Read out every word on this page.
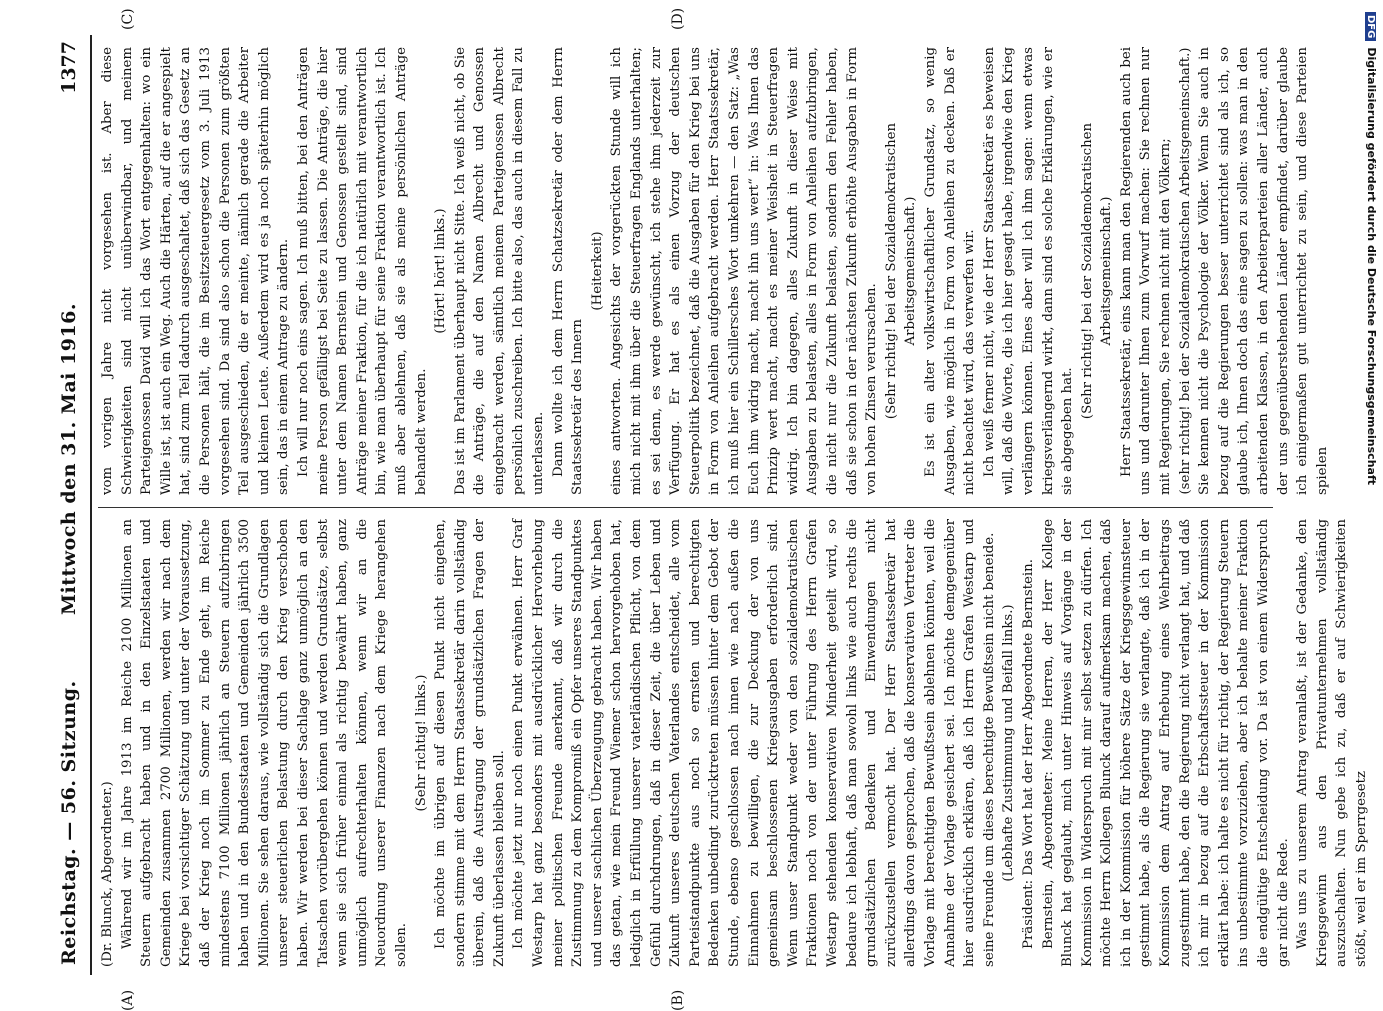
Reichstag. — 56. Sitzung.
Mittwoch den 31. Mai 1916.
1377
(A)	(B)
(C)	(D)

(Dr. Blunck, Abgeordneter.) Während wir im Jahre 1913 im Reiche 2100 Millionen an Steuern aufgebracht haben und in den Einzelstaaten und Gemeinden zusammen 2700 Millionen, werden wir nach dem Kriege bei vorsichtiger Schätzung und unter der Voraussetzung, daß der Krieg noch im Sommer zu Ende geht, im Reiche mindestens 7100 Millionen jährlich an Steuern aufzubringen haben und in den Bundesstaaten und Gemeinden jährlich 3500 Millionen. Sie sehen daraus, wie vollständig sich die Grundlagen unserer steuerlichen Belastung durch den Krieg verschoben haben. Wir werden bei dieser Sachlage ganz unmöglich an den Tatsachen vorübergehen können und werden Grundsätze, selbst wenn sie sich früher einmal als richtig bewährt haben, ganz unmöglich aufrechterhalten können, wenn wir an die Neuordnung unserer Finanzen nach dem Kriege herangehen sollen.

(Sehr richtig! links.) Ich möchte im übrigen auf diesen Punkt nicht eingehen, sondern stimme mit dem Herrn Staatssekretär darin vollständig überein, daß die Austragung der grundsätzlichen Fragen der Zukunft überlassen bleiben soll. Ich möchte jetzt nur noch einen Punkt erwähnen. Herr Graf Westarp hat ganz besonders mit ausdrücklicher Hervorhebung meiner politischen Freunde anerkannt, daß wir durch die Zustimmung zu dem Kompromiß ein Opfer unseres Standpunktes und unserer sachlichen Überzeugung gebracht haben. Wir haben das getan, wie mein Freund Wiemer schon hervorgehoben hat, lediglich in Erfüllung unserer vaterländischen Pflicht, von dem Gefühl durchdrungen, daß in dieser Zeit, die über Leben und Zukunft unseres deutschen Vaterlandes entscheidet, alle vom Parteistandpunkte aus noch so ernsten und berechtigten Bedenken unbedingt zurücktreten müssen hinter dem Gebot der Stunde, ebenso geschlossen nach innen wie nach außen die Einnahmen zu bewilligen, die zur Deckung der von uns gemeinsam beschlossenen Kriegsausgaben erforderlich sind. Wenn unser Standpunkt weder von den sozialdemokratischen Fraktionen noch von der unter Führung des Herrn Grafen Westarp stehenden konservativen Minderheit geteilt wird, so bedaure ich lebhaft, daß man sowohl links wie auch rechts die grundsätzlichen Bedenken und Einwendungen nicht zurückzustellen vermocht hat. Der Herr Staatssekretär hat allerdings davon gesprochen, daß die konservativen Vertreter die Vorlage mit berechtigten Bewußtsein ablehnen könnten, weil die Annahme der Vorlage gesichert sei. Ich möchte demgegenüber hier ausdrücklich erklären, daß ich Herrn Grafen Westarp und seine Freunde um dieses berechtigte Bewußtsein nicht beneide. (Lebhafte Zustimmung und Beifall links.) Präsident: Das Wort hat der Herr Abgeordnete Bernstein. Bernstein, Abgeordneter: Meine Herren, der Herr Kollege Blunck hat geglaubt, mich unter Hinweis auf Vorgänge in der Kommission in Widerspruch mit mir selbst setzen zu dürfen. Ich möchte Herrn Kollegen Blunck darauf aufmerksam machen, daß ich in der Kommission für höhere Sätze der Kriegsgewinnsteuer gestimmt habe, als die Regierung sie verlangte, daß ich in der Kommission dem Antrag auf Erhebung eines Wehrbeitrags zugestimmt habe, den die Regierung nicht verlangt hat, und daß ich mir in bezug auf die Erbschaftssteuer in der Kommission erklärt habe: ich halte es nicht für richtig, der Regierung Steuern ins unbestimmte vorzuziehen, aber ich behalte meiner Fraktion die endgültige Entscheidung vor. Da ist von einem Widerspruch gar nicht die Rede. Was uns zu unserem Antrag veranlaßt, ist der Gedanke, den Kriegsgewinn aus den Privatunternehmen vollständig auszuschalten. Nun gebe ich zu, daß er auf Schwierigkeiten stößt, weil er im Sperrgesetz

vom vorigen Jahre nicht vorgesehen ist. Aber diese Schwierigkeiten sind nicht unüberwindbar, und meinem Parteigenossen David will ich das Wort entgegenhalten: wo ein Wille ist, ist auch ein Weg. Auch die Härten, auf die er angespielt hat, sind zum Teil dadurch ausgeschaltet, daß sich das Gesetz an die Personen hält, die im Besitzsteuergesetz vom 3. Juli 1913 vorgesehen sind. Da sind also schon die Personen zum größten Teil ausgeschieden, die er meinte, nämlich gerade die Arbeiter und kleinen Leute. Außerdem wird es ja noch späterhin möglich sein, das in einem Antrage zu ändern. Ich will nur noch eins sagen. Ich muß bitten, bei den Anträgen meine Person gefälligst bei Seite zu lassen. Die Anträge, die hier unter dem Namen Bernstein und Genossen gestellt sind, sind Anträge meiner Fraktion, für die ich natürlich mit verantwortlich bin, wie man überhaupt für seine Fraktion verantwortlich ist. Ich muß aber ablehnen, daß sie als meine persönlichen Anträge behandelt werden.

(Hört! hört! links.) Das ist im Parlament überhaupt nicht Sitte. Ich weiß nicht, ob Sie die Anträge, die auf den Namen Albrecht und Genossen eingebracht werden, sämtlich meinem Parteigenossen Albrecht persönlich zuschreiben. Ich bitte also, das auch in diesem Fall zu unterlassen. Dann wollte ich dem Herrn Schatzsekretär oder dem Herrn Staatssekretär des Innern

(Heiterkeit) eines antworten. Angesichts der vorgerückten Stunde will ich mich nicht mit ihm über die Steuerfragen Englands unterhalten; es sei denn, es werde gewünscht, ich stehe ihm jederzeit zur Verfügung. Er hat es als einen Vorzug der deutschen Steuerpolitik bezeichnet, daß die Ausgaben für den Krieg bei uns in Form von Anleihen aufgebracht werden. Herr Staatssekretär, ich muß hier ein Schillersches Wort umkehren — den Satz: „Was Euch ihm widrig macht, macht ihn uns wert“ in: Was Ihnen das Prinzip wert macht, macht es meiner Weisheit in Steuerfragen widrig. Ich bin dagegen, alles Zukunft in dieser Weise mit Ausgaben zu belasten, alles in Form von Anleihen aufzubringen, die nicht nur die Zukunft belasten, sondern den Fehler haben, daß sie schon in der nächsten Zukunft erhöhte Ausgaben in Form von hohen Zinsen verursachen. (Sehr richtig! bei der Sozialdemokratischen Arbeitsgemeinschaft.) Es ist ein alter volkswirtschaftlicher Grundsatz, so wenig Ausgaben, wie möglich in Form von Anleihen zu decken. Daß er nicht beachtet wird, das verwerfen wir. Ich weiß ferner nicht, wie der Herr Staatssekretär es beweisen will, daß die Worte, die ich hier gesagt habe, irgendwie den Krieg verlängern können. Eines aber will ich ihm sagen: wenn etwas kriegsverlängernd wirkt, dann sind es solche Erklärungen, wie er sie abgegeben hat.

(Sehr richtig! bei der Sozialdemokratischen Arbeitsgemeinschaft.) Herr Staatssekretär, eins kann man den Regierenden auch bei uns und darunter Ihnen zum Vorwurf machen: Sie rechnen nur mit Regierungen, Sie rechnen nicht mit den Völkern; (sehr richtig! bei der Sozialdemokratischen Arbeitsgemeinschaft.) Sie kennen nicht die Psychologie der Völker. Wenn Sie auch in bezug auf die Regierungen besser unterrichtet sind als ich, so glaube ich, Ihnen doch das eine sagen zu sollen: was man in den arbeitenden Klassen, in den Arbeiterparteien aller Länder, auch der uns gegenüberstehenden Länder empfindet, darüber glaube ich einigermaßen gut unterrichtet zu sein, und diese Parteien spielen

DFGDigitalisierung gefördert durch die Deutsche Forschungsgemeinschaft
